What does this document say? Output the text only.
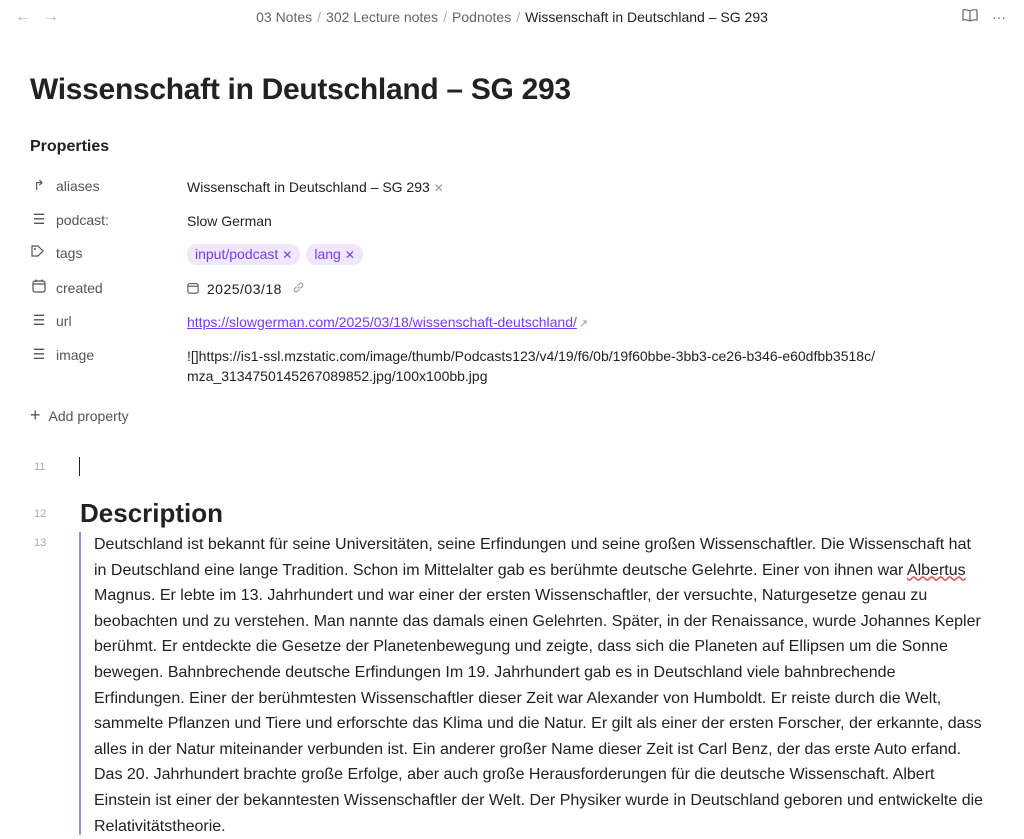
← →	03 Notes / 302 Lecture notes / Podnotes / Wissenschaft in Deutschland – SG 293	···
Wissenschaft in Deutschland – SG 293
Properties
↱ aliases	Wissenschaft in Deutschland – SG 293 ✕
☰ podcast:	Slow German
tags	input/podcast ✕ lang ✕
created	2025/03/18
☰ url	https://slowgerman.com/2025/03/18/wissenschaft-deutschland/ ↗
☰ image	![]https://is1-ssl.mzstatic.com/image/thumb/Podcasts123/v4/19/f6/0b/19f60bbe-3bb3-ce26-b346-e60dfbb3518c/mza_3134750145267089852.jpg/100x100bb.jpg
+ Add property
11
12 Description
13	Deutschland ist bekannt für seine Universitäten, seine Erfindungen und seine großen Wissenschaftler. Die Wissenschaft hat in Deutschland eine lange Tradition. Schon im Mittelalter gab es berühmte deutsche Gelehrte. Einer von ihnen war Albertus Magnus. Er lebte im 13. Jahrhundert und war einer der ersten Wissenschaftler, der versuchte, Naturgesetze genau zu beobachten und zu verstehen. Man nannte das damals einen Gelehrten. Später, in der Renaissance, wurde Johannes Kepler berühmt. Er entdeckte die Gesetze der Planetenbewegung und zeigte, dass sich die Planeten auf Ellipsen um die Sonne bewegen. Bahnbrechende deutsche Erfindungen Im 19. Jahrhundert gab es in Deutschland viele bahnbrechende Erfindungen. Einer der berühmtesten Wissenschaftler dieser Zeit war Alexander von Humboldt. Er reiste durch die Welt, sammelte Pflanzen und Tiere und erforschte das Klima und die Natur. Er gilt als einer der ersten Forscher, der erkannte, dass alles in der Natur miteinander verbunden ist. Ein anderer großer Name dieser Zeit ist Carl Benz, der das erste Auto erfand. Das 20. Jahrhundert brachte große Erfolge, aber auch große Herausforderungen für die deutsche Wissenschaft. Albert Einstein ist einer der bekanntesten Wissenschaftler der Welt. Der Physiker wurde in Deutschland geboren und entwickelte die Relativitätstheorie.
